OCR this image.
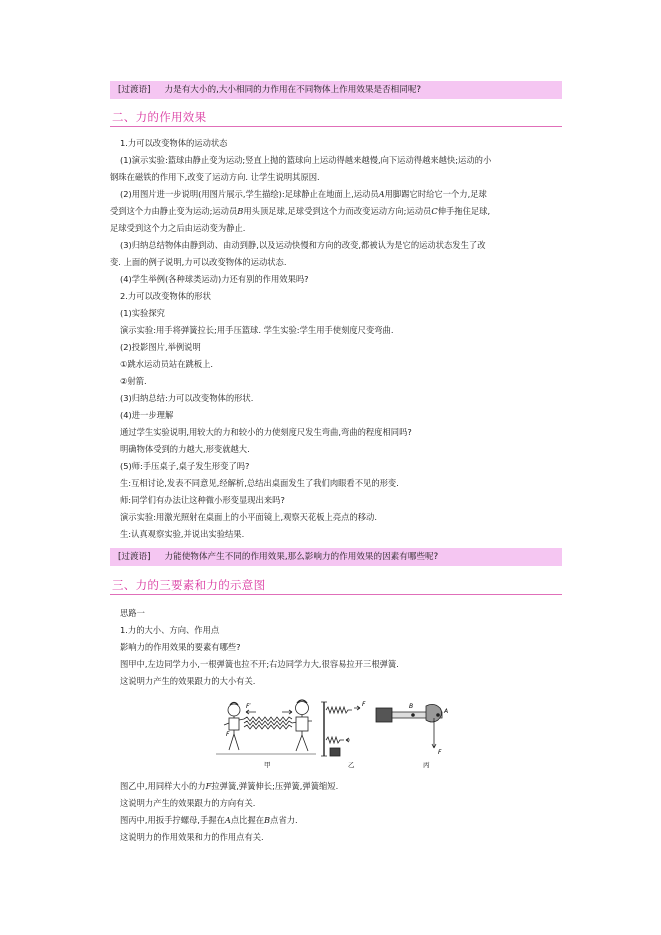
[过渡语] 力是有大小的,大小相同的力作用在不同物体上作用效果是否相同呢?
二、力的作用效果
1.力可以改变物体的运动状态
(1)演示实验:篮球由静止变为运动;竖直上抛的篮球向上运动得越来越慢,向下运动得越来越快;运动的小
钢珠在磁铁的作用下,改变了运动方向. 让学生说明其原因.
(2)用图片进一步说明(用图片展示,学生描绘):足球静止在地面上,运动员A用脚踢它时给它一个力,足球
受到这个力由静止变为运动;运动员B用头顶足球,足球受到这个力而改变运动方向;运动员C伸手拖住足球,
足球受到这个力之后由运动变为静止.
(3)归纳总结物体由静到动、由动到静,以及运动快慢和方向的改变,都被认为是它的运动状态发生了改
变. 上面的例子说明,力可以改变物体的运动状态.
(4)学生举例(各种球类运动)力还有别的作用效果吗?
2.力可以改变物体的形状
(1)实验探究
演示实验:用手将弹簧拉长;用手压篮球. 学生实验:学生用手使刻度尺变弯曲.
(2)投影图片,举例说明
①跳水运动员站在跳板上.
②射箭.
(3)归纳总结:力可以改变物体的形状.
(4)进一步理解
通过学生实验说明,用较大的力和较小的力使刻度尺发生弯曲,弯曲的程度相同吗?
明确物体受到的力越大,形变就越大.
(5)师:手压桌子,桌子发生形变了吗?
生:互相讨论,发表不同意见,经解析,总结出桌面发生了我们肉眼看不见的形变.
师:同学们有办法让这种微小形变显现出来吗?
演示实验:用激光照射在桌面上的小平面镜上,观察天花板上亮点的移动.
生:认真观察实验,并说出实验结果.
[过渡语] 力能使物体产生不同的作用效果,那么影响力的作用效果的因素有哪些呢?
三、力的三要素和力的示意图
思路一
1.力的大小、方向、作用点
影响力的作用效果的要素有哪些?
图甲中,左边同学力小,一根弹簧也拉不开;右边同学力大,很容易拉开三根弹簧.
这说明力产生的效果跟力的大小有关.
F
F′
甲
F
乙
B
A
F
丙
图乙中,用同样大小的力F拉弹簧,弹簧伸长;压弹簧,弹簧缩短.
这说明力产生的效果跟力的方向有关.
图丙中,用扳手拧螺母,手握在A点比握在B点省力.
这说明力的作用效果和力的作用点有关.
